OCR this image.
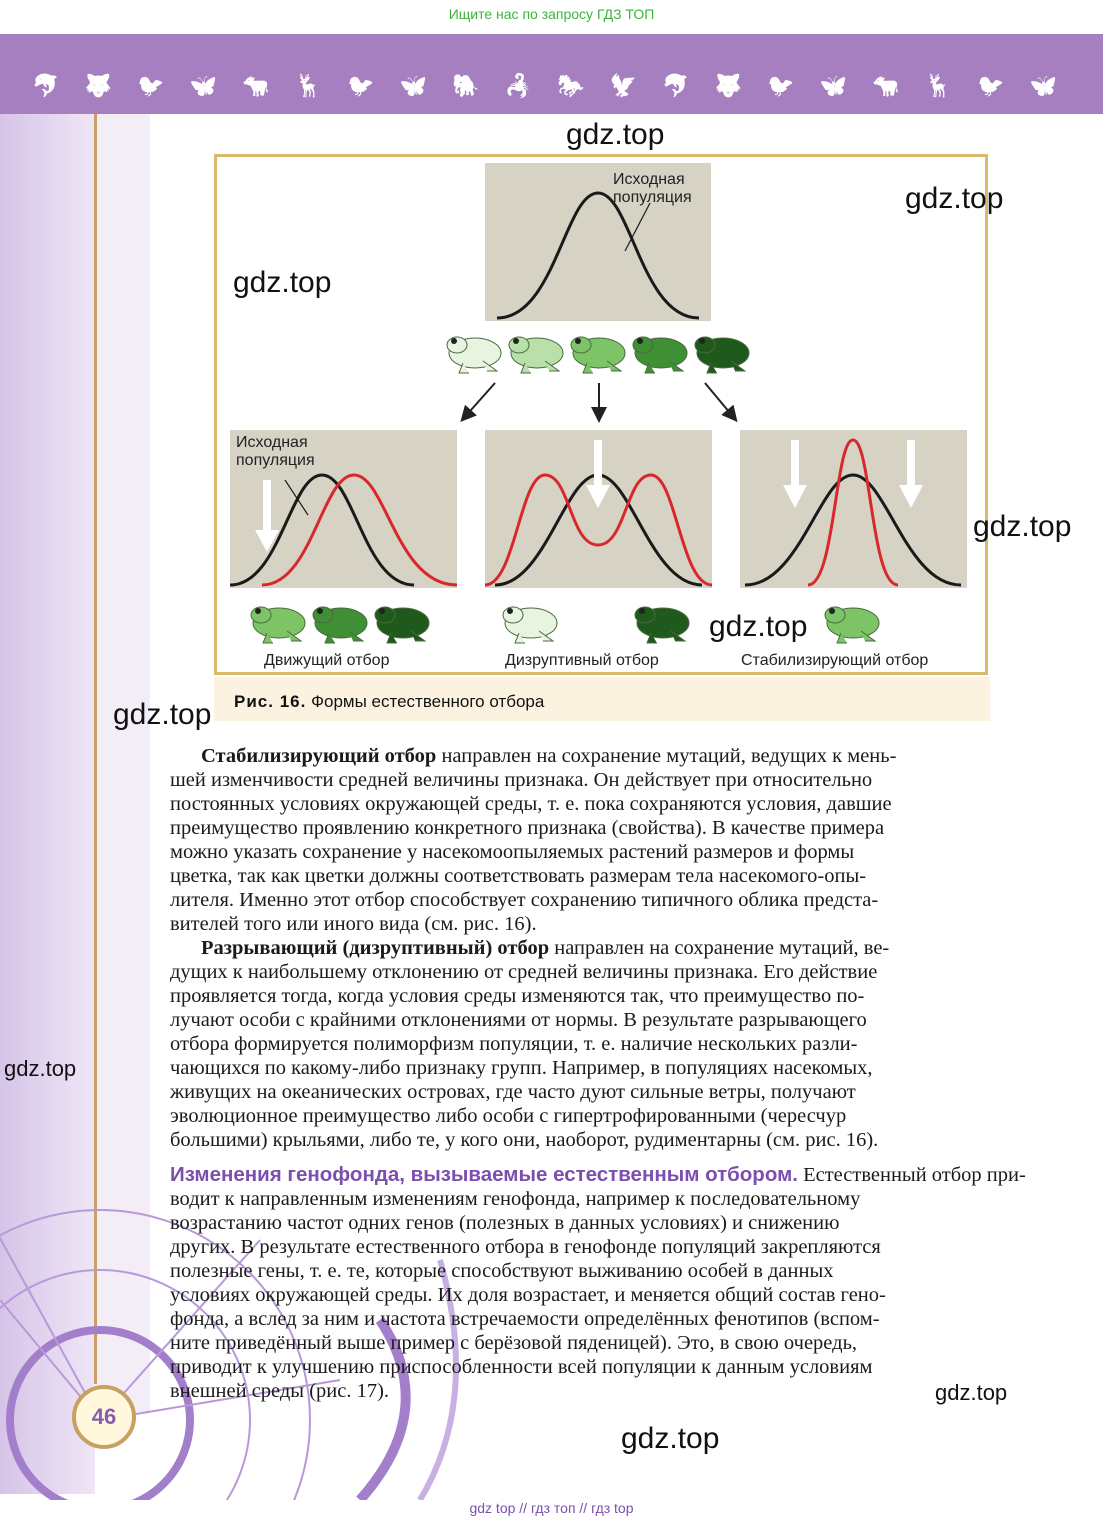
Ищите нас по запросу ГДЗ ТОП
🐬 🐺 🐦 🦋 🐄 🦌 🐦 🦋 🐘 🦂 🐎 🦅 🐬 🐺 🐦 🦋 🐄 🦌 🐦 🦋
46
Исходная
популяция
Исходная
популяция
Движущий отбор	Дизруптивный отбор	Стабилизирующий отбор
Рис. 16. Формы естественного отбора
gdz.top
gdz.top
gdz.top
gdz.top
gdz.top
gdz.top
gdz.top
gdz.top
gdz.top

Стабилизирующий отбор направлен на сохранение мутаций, ведущих к мень-

шей изменчивости средней величины признака. Он действует при относительно

постоянных условиях окружающей среды, т. е. пока сохраняются условия, давшие

преимущество проявлению конкретного признака (свойства). В качестве примера

можно указать сохранение у насекомоопыляемых растений размеров и формы

цветка, так как цветки должны соответствовать размерам тела насекомого-опы-

лителя. Именно этот отбор способствует сохранению типичного облика предста-

вителей того или иного вида (см. рис. 16).

Разрывающий (дизруптивный) отбор направлен на сохранение мутаций, ве-

дущих к наибольшему отклонению от средней величины признака. Его действие

проявляется тогда, когда условия среды изменяются так, что преимущество по-

лучают особи с крайними отклонениями от нормы. В результате разрывающего

отбора формируется полиморфизм популяции, т. е. наличие нескольких разли-

чающихся по какому-либо признаку групп. Например, в популяциях насекомых,

живущих на океанических островах, где часто дуют сильные ветры, получают

эволюционное преимущество либо особи с гипертрофированными (чересчур

большими) крыльями, либо те, у кого они, наоборот, рудиментарны (см. рис. 16).

Изменения генофонда, вызываемые естественным отбором. Естественный отбор при-

водит к направленным изменениям генофонда, например к последовательному

возрастанию частот одних генов (полезных в данных условиях) и снижению

других. В результате естественного отбора в генофонде популяций закрепляются

полезные гены, т. е. те, которые способствуют выживанию особей в данных

условиях окружающей среды. Их доля возрастает, и меняется общий состав гено-

фонда, а вслед за ним и частота встречаемости определённых фенотипов (вспом-

ните приведённый выше пример с берёзовой пяденицей). Это, в свою очередь,

приводит к улучшению приспособленности всей популяции к данным условиям

внешней среды (рис. 17).

gdz top // гдз топ // гдз top
